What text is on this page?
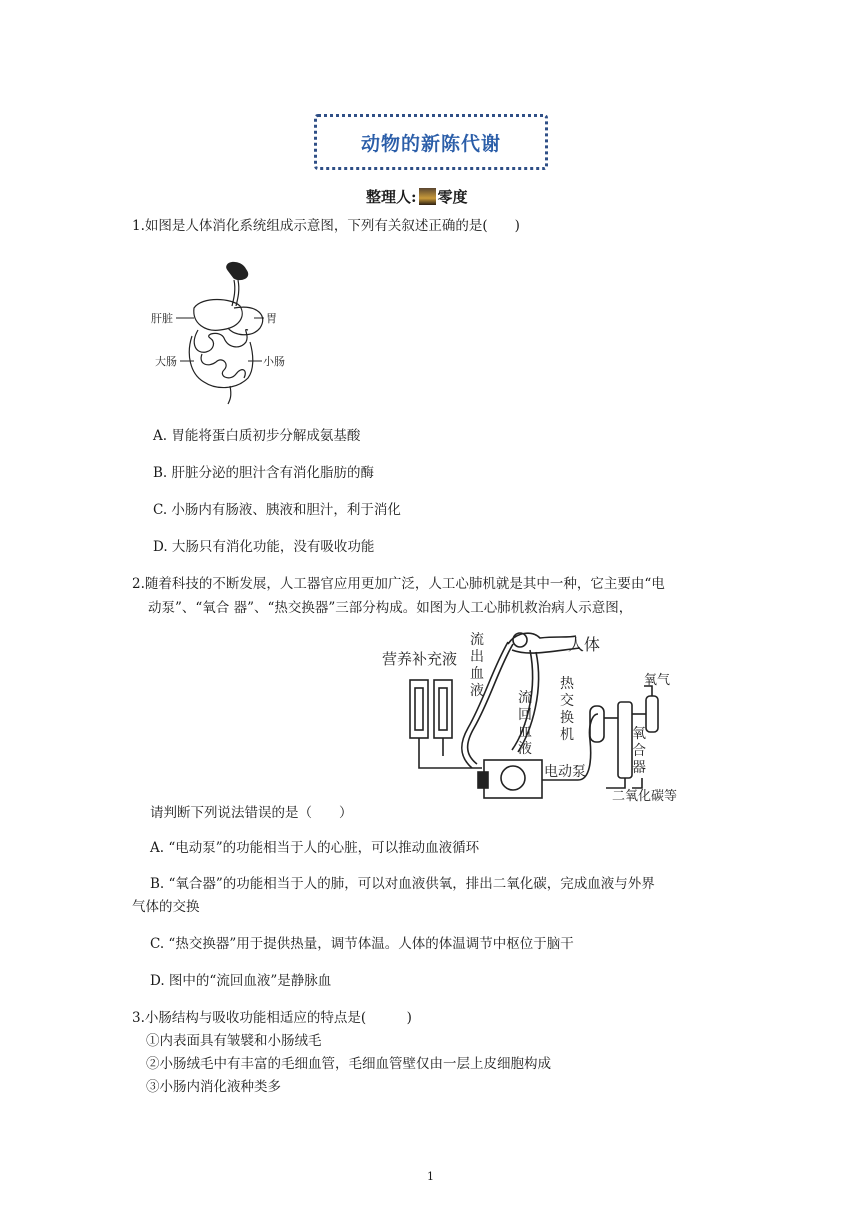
动物的新陈代谢
整理人: 零度
1.如图是人体消化系统组成示意图，下列有关叙述正确的是(　　)
肝脏	胃
大肠	小肠
A. 胃能将蛋白质初步分解成氨基酸
B. 肝脏分泌的胆汁含有消化脂肪的酶
C. 小肠内有肠液、胰液和胆汁，利于消化
D. 大肠只有消化功能，没有吸收功能
2.随着科技的不断发展，人工器官应用更加广泛，人工心肺机就是其中一种，它主要由“电
动泵”、“氧合 器”、“热交换器”三部分构成。如图为人工心肺机救治病人示意图，
营养补充液
流出血液
人体
热交换机
氧气
流回血液
氧合器
电动泵
二氧化碳等
请判断下列说法错误的是（　　）
A. “电动泵”的功能相当于人的心脏，可以推动血液循环
B. “氧合器”的功能相当于人的肺，可以对血液供氧，排出二氧化碳，完成血液与外界
气体的交换
C. “热交换器”用于提供热量，调节体温。人体的体温调节中枢位于脑干
D. 图中的“流回血液”是静脉血
3.小肠结构与吸收功能相适应的特点是(　　　)
①内表面具有皱襞和小肠绒毛
②小肠绒毛中有丰富的毛细血管，毛细血管壁仅由一层上皮细胞构成
③小肠内消化液种类多
1
